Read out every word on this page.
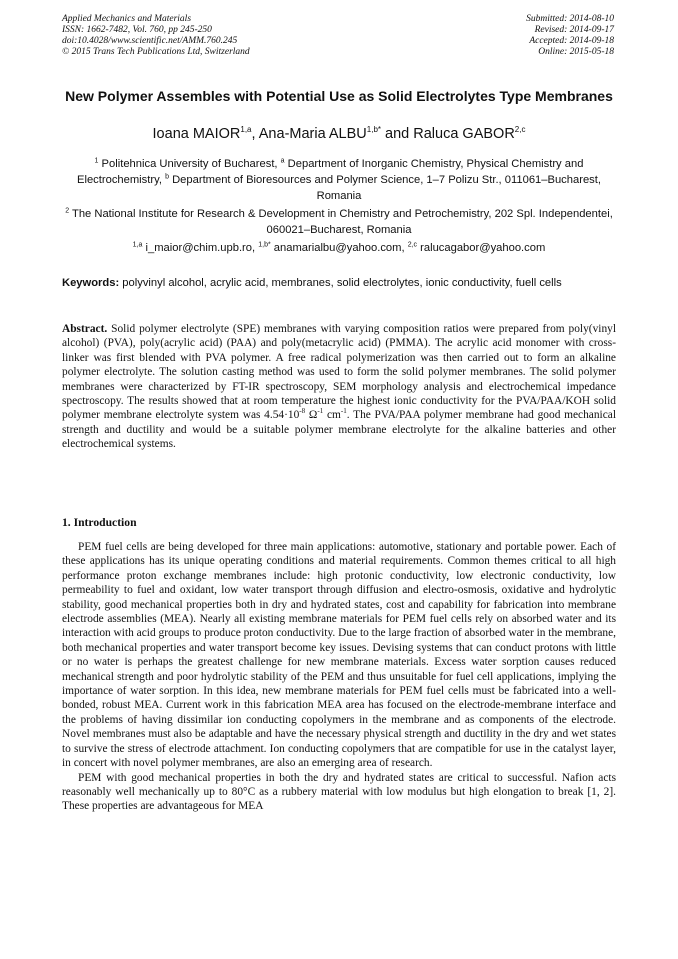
Applied Mechanics and Materials
ISSN: 1662-7482, Vol. 760, pp 245-250
doi:10.4028/www.scientific.net/AMM.760.245
© 2015 Trans Tech Publications Ltd, Switzerland
Submitted: 2014-08-10
Revised: 2014-09-17
Accepted: 2014-09-18
Online: 2015-05-18
New Polymer Assembles with Potential Use as Solid Electrolytes Type Membranes
Ioana MAIOR$^{1,a}$, Ana-Maria $ALBU^{1,b*}$ and Raluca GABOR$^{2,c}$
$^1$ Politehnica University of Bucharest, $^a$ Department of Inorganic Chemistry, Physical Chemistry and Electrochemistry, $^b$ Department of Bioresources and Polymer Science, 1–7 Polizu Str., 011061–Bucharest, Romania
$^2$ The National Institute for Research & Development in Chemistry and Petrochemistry, 202 Spl. Independentei, 060021–Bucharest, Romania
$^{1,a}$ i_maior@chim.upb.ro, $^{1,b*}$ anamarialbu@yahoo.com, $^{2,c}$ ralucagabor@yahoo.com
Keywords: polyvinyl alcohol, acrylic acid, membranes, solid electrolytes, ionic conductivity, fuell cells
Abstract. Solid polymer electrolyte (SPE) membranes with varying composition ratios were prepared from poly(vinyl alcohol) (PVA), poly(acrylic acid) (PAA) and poly(metacrylic acid) (PMMA). The acrylic acid monomer with cross-linker was first blended with PVA polymer. A free radical polymerization was then carried out to form an alkaline polymer electrolyte. The solution casting method was used to form the solid polymer membranes. The solid polymer membranes were characterized by FT-IR spectroscopy, SEM morphology analysis and electrochemical impedance spectroscopy. The results showed that at room temperature the highest ionic conductivity for the PVA/PAA/KOH solid polymer membrane electrolyte system was $4.54\cdot 10^{-8}$ $\Omega^{-1}$ $cm^{-1}$. The PVA/PAA polymer membrane had good mechanical strength and ductility and would be a suitable polymer membrane electrolyte for the alkaline batteries and other electrochemical systems.
1. Introduction

PEM fuel cells are being developed for three main applications: automotive, stationary and portable power. Each of these applications has its unique operating conditions and material requirements. Common themes critical to all high performance proton exchange membranes include: high protonic conductivity, low electronic conductivity, low permeability to fuel and oxidant, low water transport through diffusion and electro-osmosis, oxidative and hydrolytic stability, good mechanical properties both in dry and hydrated states, cost and capability for fabrication into membrane electrode assemblies (MEA). Nearly all existing membrane materials for PEM fuel cells rely on absorbed water and its interaction with acid groups to produce proton conductivity. Due to the large fraction of absorbed water in the membrane, both mechanical properties and water transport become key issues. Devising systems that can conduct protons with little or no water is perhaps the greatest challenge for new membrane materials. Excess water sorption causes reduced mechanical strength and poor hydrolytic stability of the PEM and thus unsuitable for fuel cell applications, implying the importance of water sorption. In this idea, new membrane materials for PEM fuel cells must be fabricated into a well-bonded, robust MEA. Current work in this fabrication MEA area has focused on the electrode-membrane interface and the problems of having dissimilar ion conducting copolymers in the membrane and as components of the electrode. Novel membranes must also be adaptable and have the necessary physical strength and ductility in the dry and wet states to survive the stress of electrode attachment. Ion conducting copolymers that are compatible for use in the catalyst layer, in concert with novel polymer membranes, are also an emerging area of research.

PEM with good mechanical properties in both the dry and hydrated states are critical to successful. Nafion acts reasonably well mechanically up to 80°C as a rubbery material with low modulus but high elongation to break [1, 2]. These properties are advantageous for MEA
